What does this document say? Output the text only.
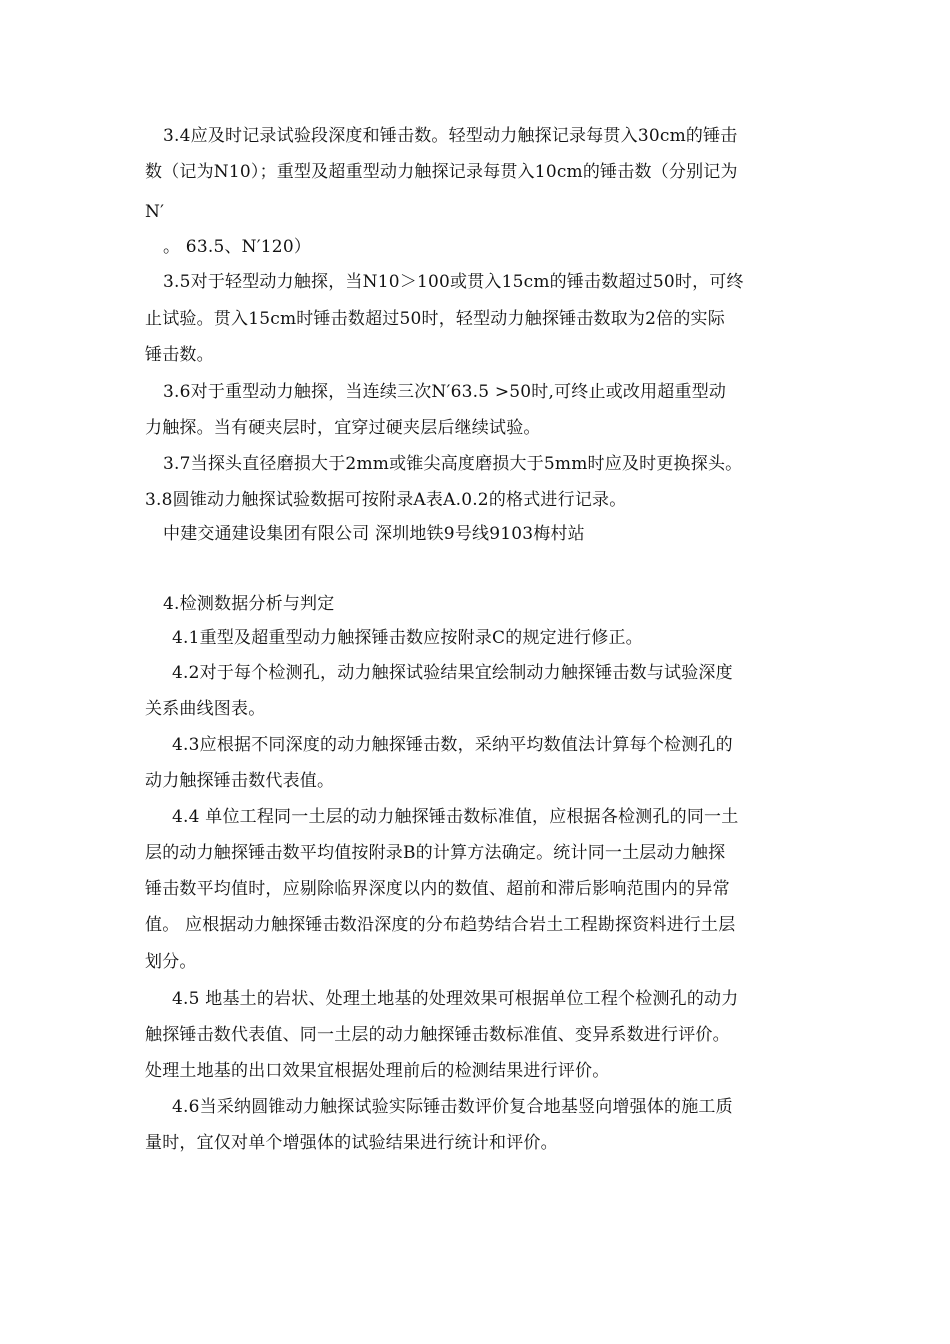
3.4应及时记录试验段深度和锤击数。轻型动力触探记录每贯入30cm的锤击
数（记为N10）；重型及超重型动力触探记录每贯入10cm的锤击数（分别记为
N′
。 63.5、N′120）
3.5对于轻型动力触探，当N10＞100或贯入15cm的锤击数超过50时，可终
止试验。贯入15cm时锤击数超过50时，轻型动力触探锤击数取为2倍的实际
锤击数。
3.6对于重型动力触探，当连续三次N′63.5 >50时,可终止或改用超重型动
力触探。当有硬夹层时，宜穿过硬夹层后继续试验。
3.7当探头直径磨损大于2mm或锥尖高度磨损大于5mm时应及时更换探头。
3.8圆锥动力触探试验数据可按附录A表A.0.2的格式进行记录。
中建交通建设集团有限公司 深圳地铁9号线9103梅村站
4.检测数据分析与判定
4.1重型及超重型动力触探锤击数应按附录C的规定进行修正。
4.2对于每个检测孔，动力触探试验结果宜绘制动力触探锤击数与试验深度
关系曲线图表。
4.3应根据不同深度的动力触探锤击数，采纳平均数值法计算每个检测孔的
动力触探锤击数代表值。
4.4 单位工程同一土层的动力触探锤击数标准值，应根据各检测孔的同一土
层的动力触探锤击数平均值按附录B的计算方法确定。统计同一土层动力触探
锤击数平均值时，应剔除临界深度以内的数值、超前和滞后影响范围内的异常
值。 应根据动力触探锤击数沿深度的分布趋势结合岩土工程勘探资料进行土层
划分。
4.5 地基土的岩状、处理土地基的处理效果可根据单位工程个检测孔的动力
触探锤击数代表值、同一土层的动力触探锤击数标准值、变异系数进行评价。
处理土地基的出口效果宜根据处理前后的检测结果进行评价。
4.6当采纳圆锥动力触探试验实际锤击数评价复合地基竖向增强体的施工质
量时，宜仅对单个增强体的试验结果进行统计和评价。
